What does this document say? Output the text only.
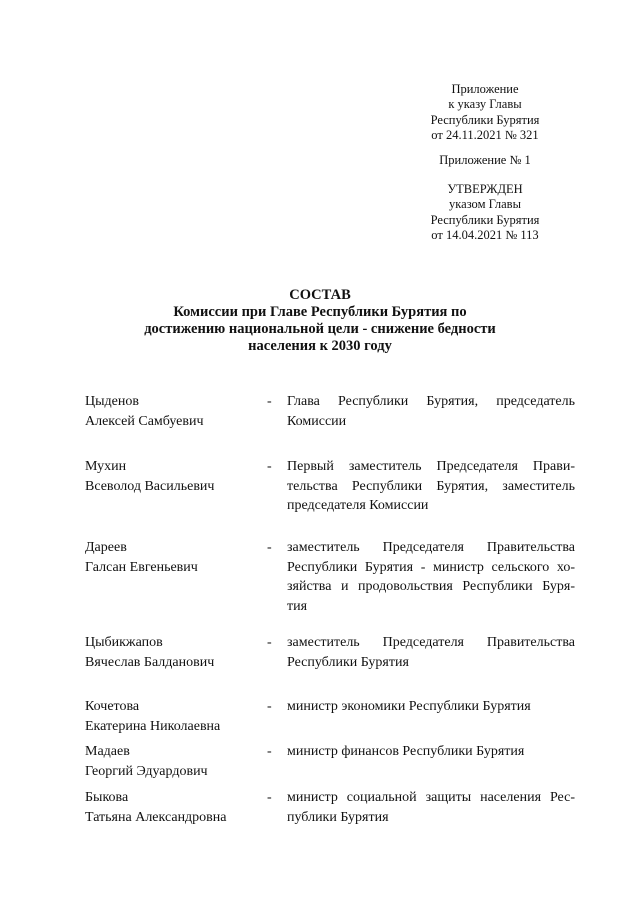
Приложение
к указу Главы
Республики Бурятия
от 24.11.2021 № 321
Приложение № 1
УТВЕРЖДЕН
указом Главы
Республики Бурятия
от 14.04.2021 № 113
СОСТАВ
Комиссии при Главе Республики Бурятия по
достижению национальной цели - снижение бедности
населения к 2030 году
Цыденов
Алексей Самбуевич
- Глава Республики Бурятия, председатель
Комиссии
Мухин
Всеволод Васильевич
- Первый заместитель Председателя Прави-
тельства Республики Бурятия, заместитель
председателя Комиссии
Дареев
Галсан Евгеньевич
- заместитель Председателя Правительства
Республики Бурятия - министр сельского хо-
зяйства и продовольствия Республики Буря-
тия
Цыбикжапов
Вячеслав Балданович
- заместитель Председателя Правительства
Республики Бурятия
Кочетова
Екатерина Николаевна
- министр экономики Республики Бурятия
Мадаев
Георгий Эдуардович
- министр финансов Республики Бурятия
Быкова
Татьяна Александровна
- министр социальной защиты населения Рес-
публики Бурятия
